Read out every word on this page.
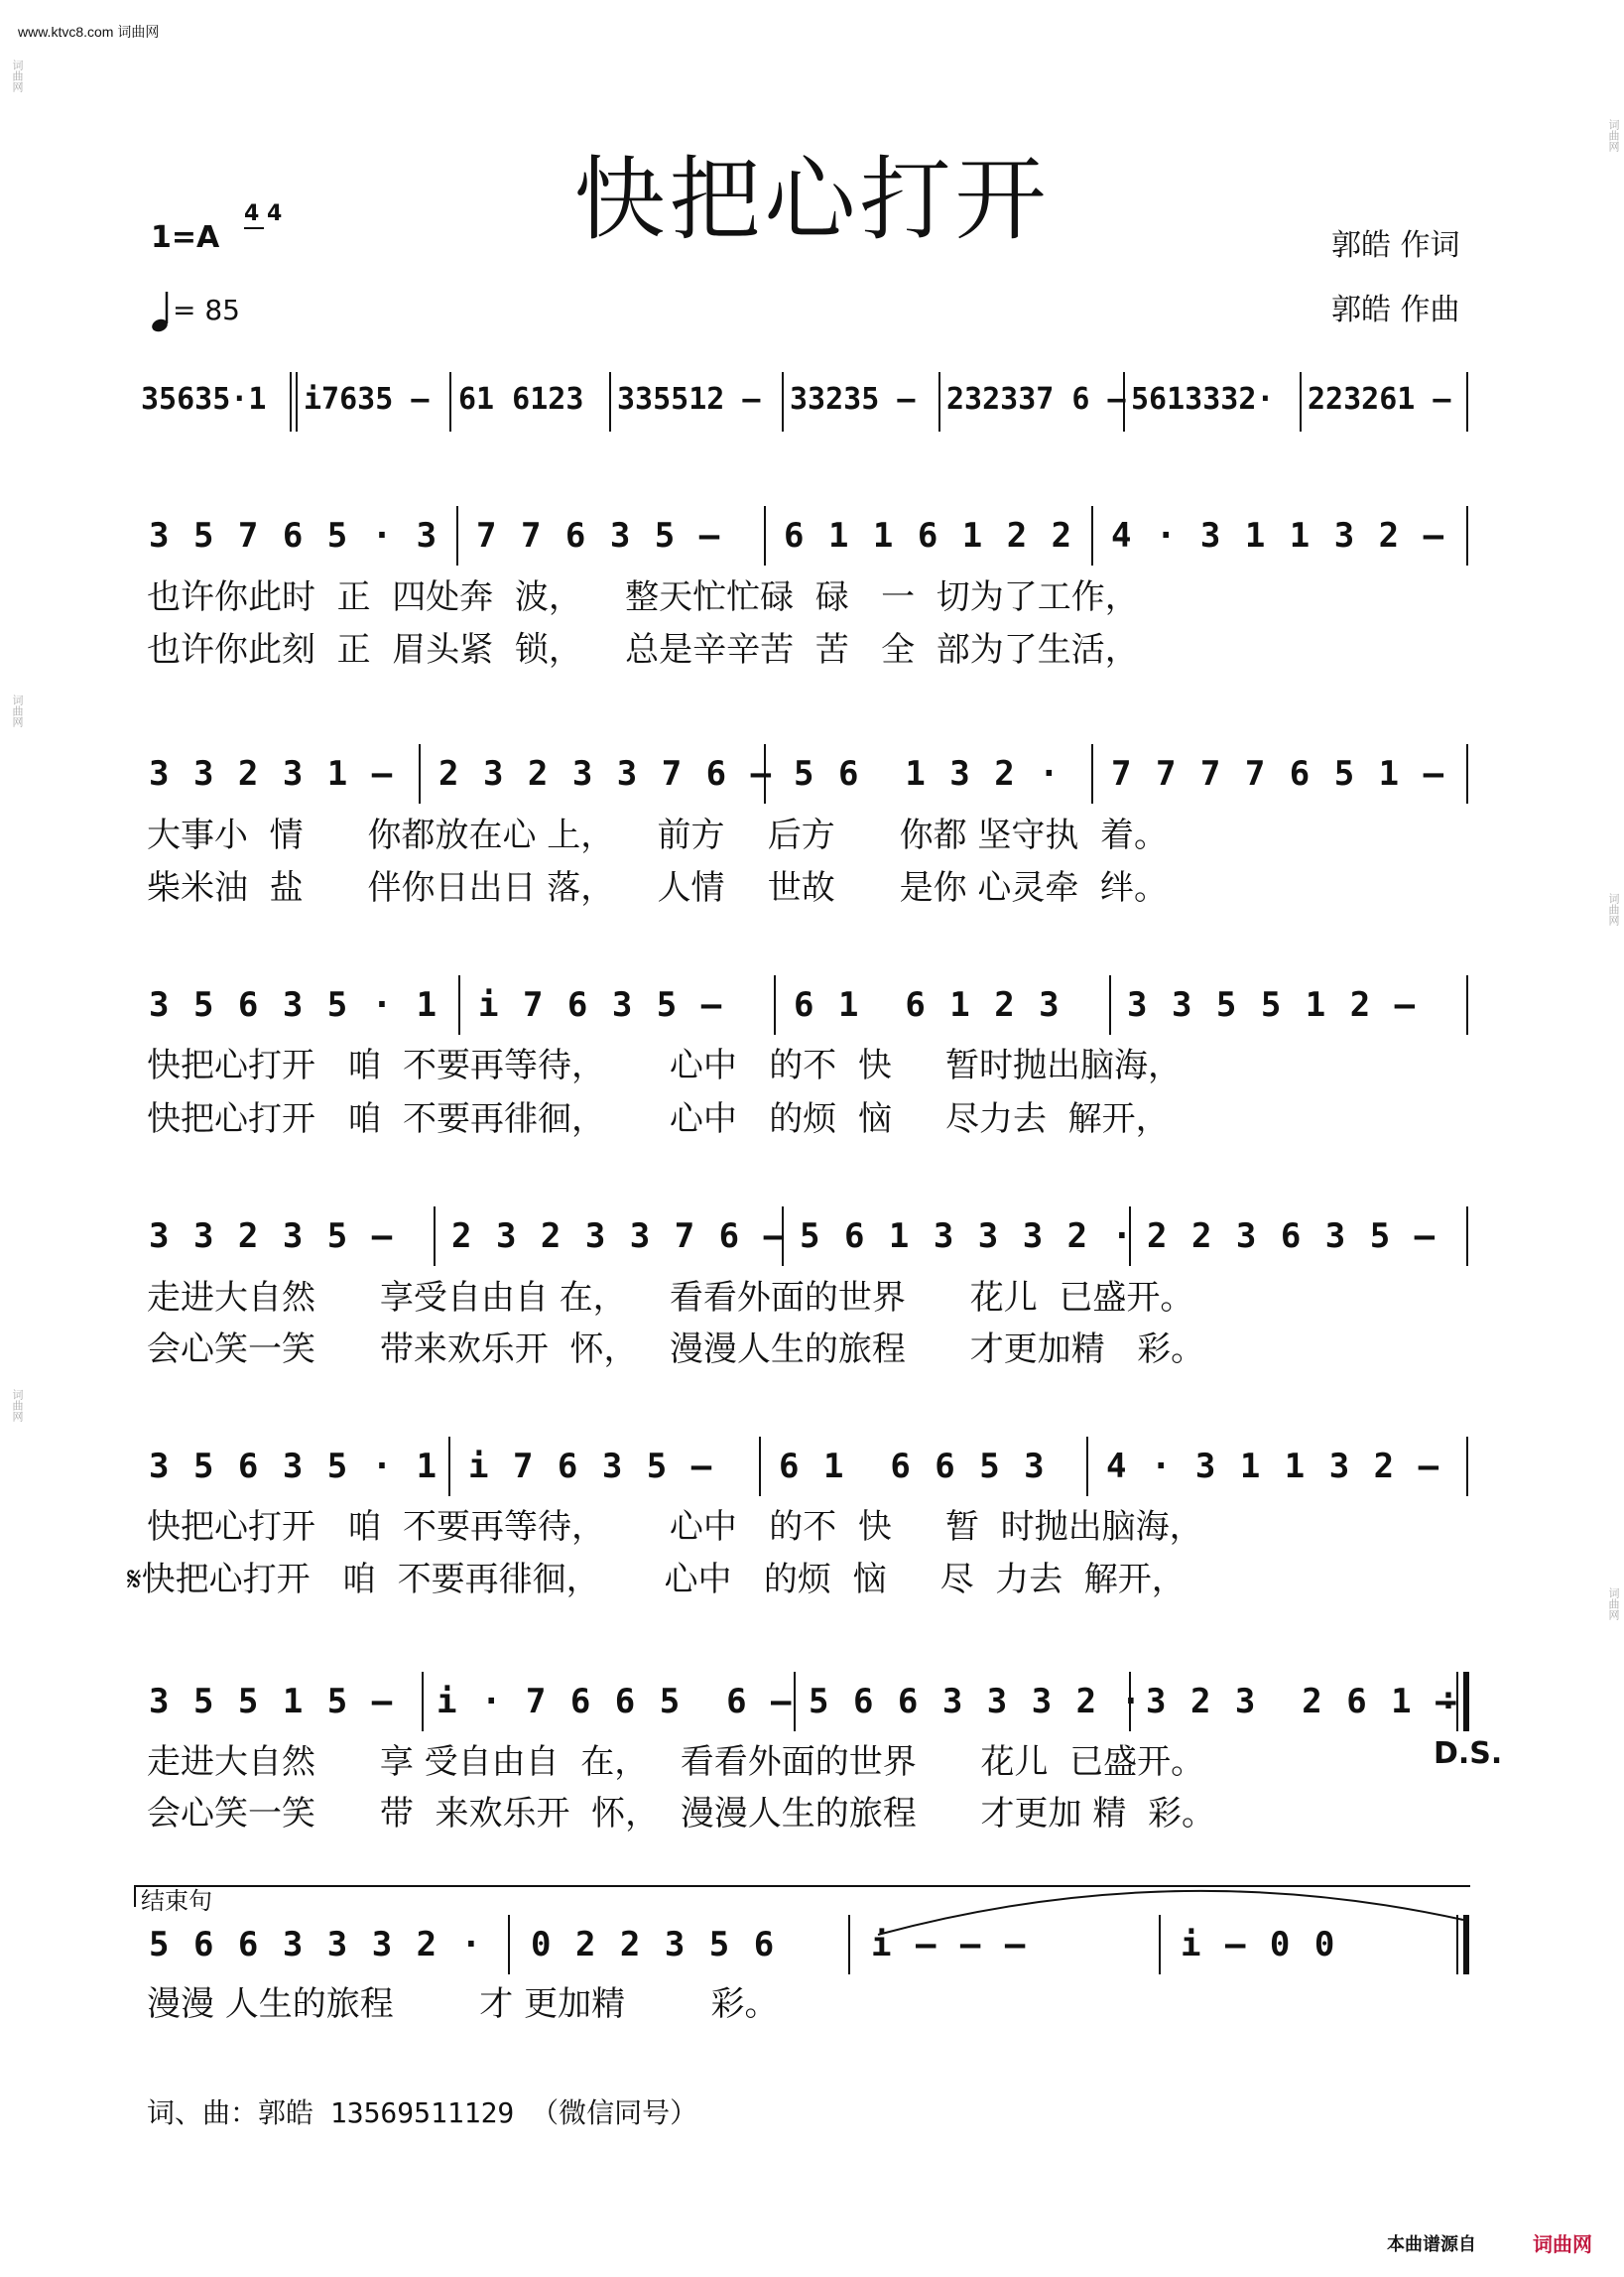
www.ktvc8.com 词曲网
快把心打开
1=A
4 4
= 85
郭皓 作词
郭皓 作曲
35635·1 i7635 – 61 6123 335512 – 33235 – 232337 6 – 5613332· 223261 –
3 5 7 6 5 · 3 7 7 6 3 5 – 6 1 1 6 1 2 2 4 · 3 1 1 3 2 –
也许你此时  正  四处奔  波，    整天忙忙碌  碌   一  切为了工作，
也许你此刻  正  眉头紧  锁，    总是辛辛苦  苦   全  部为了生活，
3 3 2 3 1 – 2 3 2 3 3 7 6 – 5 6  1 3 2 · 7 7 7 7 6 5 1 –
大事小  情      你都放在心 上，    前方    后方      你都 坚守执  着。
柴米油  盐      伴你日出日 落，    人情    世故      是你 心灵牵  绊。
3 5 6 3 5 · 1 i 7 6 3 5 – 6 1  6 1 2 3 3 3 5 5 1 2 –
快把心打开   咱  不要再等待，      心中   的不  快     暂时抛出脑海，
快把心打开   咱  不要再徘徊，      心中   的烦  恼     尽力去  解开，
3 3 2 3 5 – 2 3 2 3 3 7 6 – 5 6 1 3 3 3 2 · 2 2 3 6 3 5 –
走进大自然      享受自由自 在，    看看外面的世界      花儿  已盛开。
会心笑一笑      带来欢乐开  怀，   漫漫人生的旅程      才更加精   彩。
3 5 6 3 5 · 1 i 7 6 3 5 – 6 1  6 6 5 3 4 · 3 1 1 3 2 –
快把心打开   咱  不要再等待，      心中   的不  快     暂  时抛出脑海，
𝄋快把心打开   咱  不要再徘徊，      心中   的烦  恼     尽  力去  解开，
3 5 5 1 5 – i · 7 6 6 5  6 – 5 6 6 3 3 3 2 · 3 2 3  2 6 1 –
:
走进大自然      享 受自由自  在，   看看外面的世界      花儿  已盛开。	D.S.
会心笑一笑      带  来欢乐开  怀，  漫漫人生的旅程      才更加 精  彩。
结束句
5 6 6 3 3 3 2 · 0 2 2 3 5 6	i – – –	i – 0 0
漫漫 人生的旅程        才 更加精        彩。
词、曲：郭皓 13569511129 （微信同号）
本曲谱源自	词曲网
词曲网
词曲网
词曲网
词曲网
词曲网
词曲网
